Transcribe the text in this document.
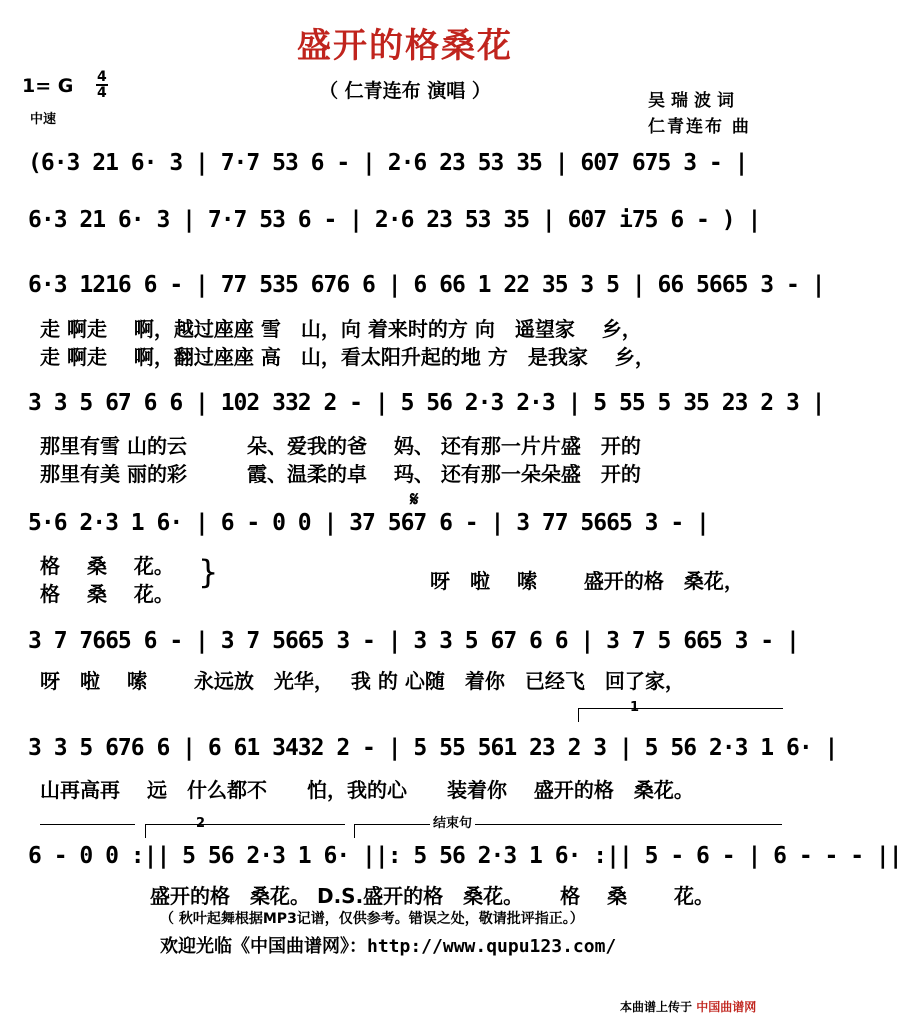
盛开的格桑花
（ 仁青连布 演唱 ）
1= G 4
4
中速
吴瑞波词
仁青连布 曲
(6·3 21 6· 3 | 7·7 53 6 - | 2·6 23 53 35 | 607 675 3 - |
6·3 21 6· 3 | 7·7 53 6 - | 2·6 23 53 35 | 607 i75 6 - ) |
6·3 1216 6 - | 77 535 676 6 | 6 66 1 22 35 3 5 | 66 5665 3 - |
走 啊走　 啊，越过座座 雪　山，向 着来时的方 向　遥望家　 乡，
走 啊走　 啊，翻过座座 高　山，看太阳升起的地 方　是我家　 乡，
3 3 5 67 6 6 | 102 332 2 - | 5 56 2·3 2·3 | 5 55 5 35 23 2 3 |
那里有雪 山的云　　　朵、爱我的爸　 妈、 还有那一片片盛　开的
那里有美 丽的彩　　　霞、温柔的卓　 玛、 还有那一朵朵盛　开的
𝄋
5·6 2·3 1 6· | 6 - 0 0 | 37 567 6 - | 3 77 5665 3 - |
格　 桑　 花。
格　 桑　 花。
}	呀　啦　 嗦　　 盛开的格　桑花，
3 7 7665 6 - | 3 7 5665 3 - | 3 3 5 67 6 6 | 3 7 5 665 3 - |
呀　啦　 嗦　　 永远放　光华，　 我 的 心随　着你　已经飞　回了家，
1
3 3 5 676 6 | 6 61 3432 2 - | 5 55 561 23 2 3 | 5 56 2·3 1 6· |
山再高再　 远　什么都不　　怕，我的心　　装着你　 盛开的格　桑花。
2	结束句
6 - 0 0 :|| 5 56 2·3 1 6· ||: 5 56 2·3 1 6· :|| 5 - 6 - | 6 - - - ||
盛开的格　桑花。 D.S.盛开的格　桑花。　　 格　 桑　　 花。
（ 秋叶起舞根据MP3记谱，仅供参考。错误之处，敬请批评指正。）
欢迎光临《中国曲谱网》：http://www.qupu123.com/
本曲谱上传于 中国曲谱网
